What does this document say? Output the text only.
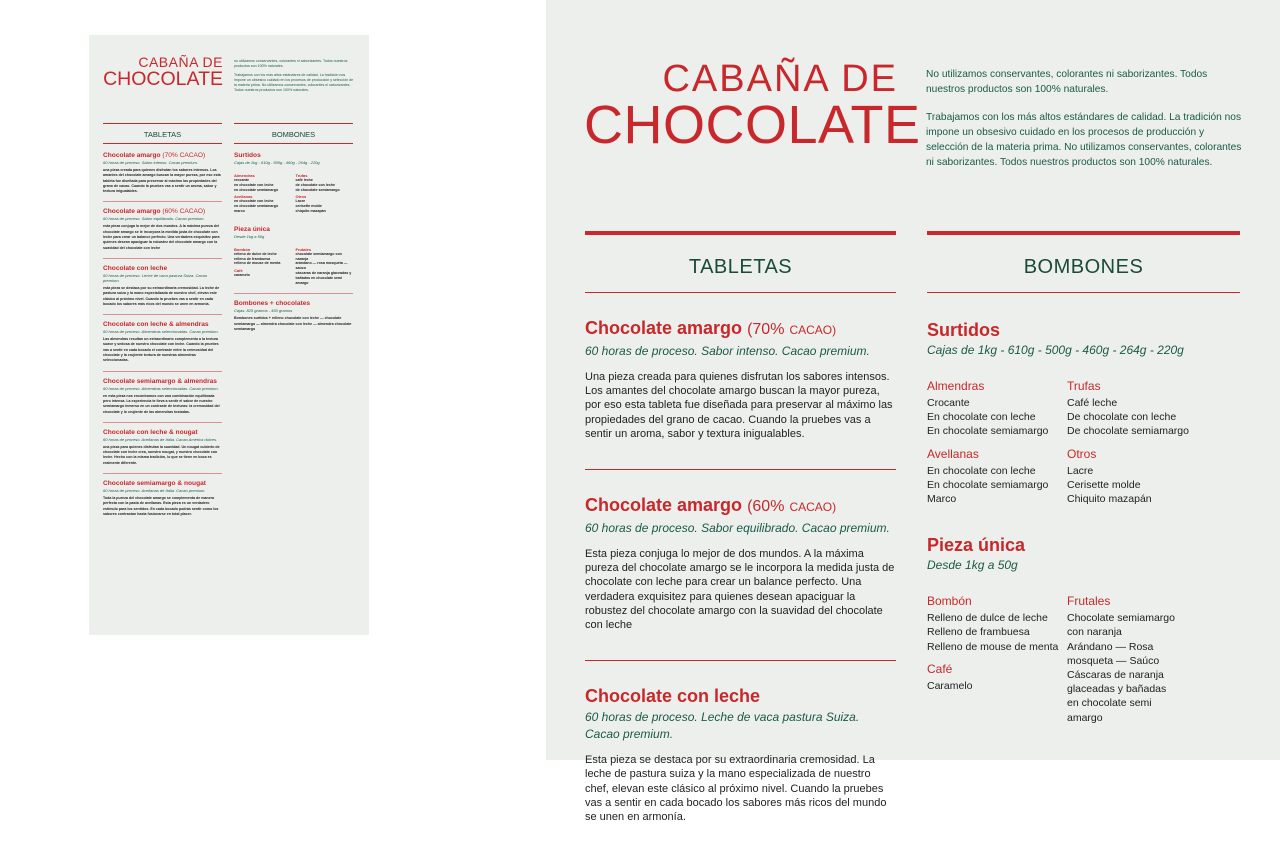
CABAÑA DE
CHOCOLATE

no utilizamos conservantes, colorantes ni saborizantes. Todos nuestros productos son 100% naturales.

Trabajamos con los más altos estándares de calidad. La tradición nos impone un obsesivo cuidado en los procesos de producción y selección de la materia prima. No utilizamos conservantes, colorantes ni saborizantes. Todos nuestros productos son 100% naturales.

TABLETAS

Chocolate amargo (70% CACAO)

60 horas de proceso. Sabor intenso. Cacao premium.

una pieza creada para quienes disfrutan los sabores intensos. Los amantes del chocolate amargo buscan la mayor pureza, por eso esta tableta fue diseñada para preservar al máximo las propiedades del grano de cacao. Cuando la pruebes vas a sentir un aroma, sabor y textura inigualables.

Chocolate amargo (60% CACAO)

60 horas de proceso. Sabor equilibrado. Cacao premium.

esta pieza conjuga lo mejor de dos mundos. A la máxima pureza del chocolate amargo se le incorpora la medida justa de chocolate con leche para crear un balance perfecto. Una verdadera exquisitez para quienes desean apaciguar la robustez del chocolate amargo con la suavidad del chocolate con leche

Chocolate con leche

60 horas de proceso. Leche de vaca pastura Suiza. Cacao premium.

esta pieza se destaca por su extraordinaria cremosidad. La leche de pastura suiza y la mano especializada de nuestro chef, elevan este clásico al próximo nivel. Cuando la pruebes vas a sentir en cada bocado los sabores más ricos del mundo se unen en armonía.

Chocolate con leche & almendras

60 horas de proceso. Almendras seleccionadas. Cacao premium.

Las almendras resultan un extraordinario complemento a la textura suave y sedosa de nuestro chocolate con leche. Cuando la pruebes vas a sentir en cada bocado el contraste entre la cremosidad del chocolate y la crujiente textura de nuestras almendras seleccionadas.

Chocolate semiamargo & almendras

60 horas de proceso. Almendras seleccionadas. Cacao premium.

en esta pieza nos encontramos con una combinación equilibrada pero intensa. La experiencia te lleva a sentir el sabor de nuestro semiamargo inmerso en un contraste de texturas: la cremosidad del chocolate y lo crujiente de las almendras tostadas.

Chocolate con leche & nougat

60 horas de proceso. Avellanas de Italia. Cacao América dulces.

una pieza para quienes disfrutan la suavidad. Un nougat cubierto de chocolate con leche crea, nuestro nougat, y nuestro chocolate con leche. Hecho con la misma tradición, lo que se tiene en boca es realmente diferente.

Chocolate semiamargo & nougat

60 horas de proceso. Avellanas de Italia. Cacao premium.

Toda la pureza del chocolate amargo se complementa de manera perfecta con la pasta de avellanas. Esta pieza es un verdadero estímulo para los sentidos. En cada bocado podrás sentir como los sabores contrastan hasta fusionarse en total placer.

BOMBONES

Surtidos

Cajas de 1kg - 610g - 500g - 460g - 264g - 220g

Almendras
crocante
en chocolate con leche
en chocolate semiamargo
Trufas
café leche
de chocolate con leche
de chocolate semiamargo
Avellanas
en chocolate con leche
en chocolate semiamargo
marco
Otros
Lacre
cerisette molde
chiquito mazapán

Pieza única

Desde 1kg a 50g

Bombón
relleno de dulce de leche
relleno de frambuesa
relleno de mouse de menta
Café
caramelo
Frutales
chocolate semiamargo con naranja
arándano — rosa mosqueta — saúco
cáscaras de naranja glaceadas y bañadas en chocolate semi amargo

Bombones + chocolates

Cajas: 825 gramos - 450 gramos

Bombones surtidos + relleno chocolate con leche — chocolate semiamargo — almendra chocolate con leche — almendra chocolate semiamargo

CABAÑA DE
CHOCOLATE

No utilizamos conservantes, colorantes ni saborizantes. Todos nuestros productos son 100% naturales.

Trabajamos con los más altos estándares de calidad. La tradición nos impone un obsesivo cuidado en los procesos de producción y selección de la materia prima. No utilizamos conservantes, colorantes ni saborizantes. Todos nuestros productos son 100% naturales.

TABLETAS

Chocolate amargo (70% CACAO)

60 horas de proceso. Sabor intenso. Cacao premium.

Una pieza creada para quienes disfrutan los sabores intensos. Los amantes del chocolate amargo buscan la mayor pureza, por eso esta tableta fue diseñada para preservar al máximo las propiedades del grano de cacao. Cuando la pruebes vas a sentir un aroma, sabor y textura inigualables.

Chocolate amargo (60% CACAO)

60 horas de proceso. Sabor equilibrado. Cacao premium.

Esta pieza conjuga lo mejor de dos mundos. A la máxima pureza del chocolate amargo se le incorpora la medida justa de chocolate con leche para crear un balance perfecto. Una verdadera exquisitez para quienes desean apaciguar la robustez del chocolate amargo con la suavidad del chocolate con leche

Chocolate con leche

60 horas de proceso. Leche de vaca pastura Suiza. Cacao premium.

Esta pieza se destaca por su extraordinaria cremosidad. La leche de pastura suiza y la mano especializada de nuestro chef, elevan este clásico al próximo nivel. Cuando la pruebes vas a sentir en cada bocado los sabores más ricos del mundo se unen en armonía.

BOMBONES

Surtidos

Cajas de 1kg - 610g - 500g - 460g - 264g - 220g

Almendras
Crocante
En chocolate con leche
En chocolate semiamargo
Trufas
Café leche
De chocolate con leche
De chocolate semiamargo
Avellanas
En chocolate con leche
En chocolate semiamargo
Marco
Otros
Lacre
Cerisette molde
Chiquito mazapán

Pieza única

Desde 1kg a 50g

Bombón
Relleno de dulce de leche
Relleno de frambuesa
Relleno de mouse de menta
Café
Caramelo
Frutales
Chocolate semiamargo con naranja
Arándano — Rosa mosqueta — Saúco
Cáscaras de naranja glaceadas y bañadas en chocolate semi amargo
